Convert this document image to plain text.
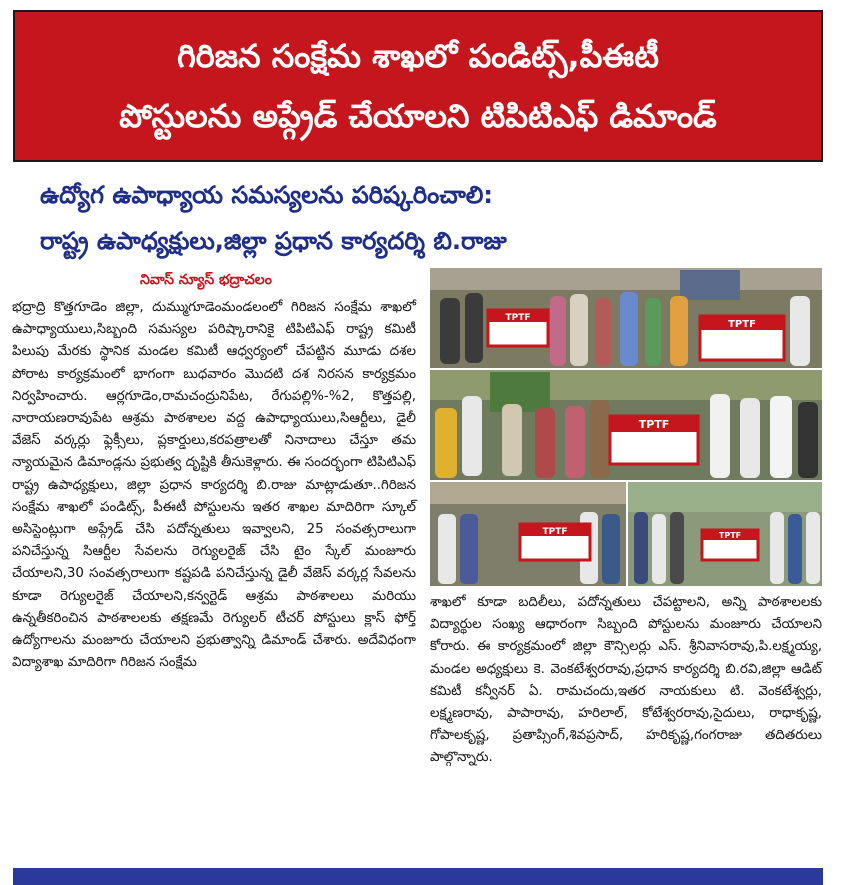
గిరిజన సంక్షేమ శాఖలో పండిట్స్,పీఈటీ
పోస్టులను అప్గ్రేడ్ చేయాలని టిపిటిఎఫ్ డిమాండ్
ఉద్యోగ ఉపాధ్యాయ సమస్యలను పరిష్కరించాలి:
రాష్ట్ర ఉపాధ్యక్షులు,జిల్లా ప్రధాన కార్యదర్శి బి.రాజు
నివాస్ న్యూస్ భద్రాచలం

భద్రాద్రి కొత్తగూడెం జిల్లా, దుమ్ముగూడెంమండలంలో గిరిజన సంక్షేమ శాఖలో ఉపాధ్యాయులు,సిబ్బంది సమస్యల పరిష్కారానికై టిపిటిఎఫ్ రాష్ట్ర కమిటీ పిలుపు మేరకు స్థానిక మండల కమిటీ ఆధ్వర్యంలో చేపట్టిన మూడు దశల పోరాట కార్యక్రమంలో భాగంగా బుధవారం మొదటి దశ నిరసన కార్యక్రమం నిర్వహించారు. ఆర్లగూడెం,రామచంద్రునిపేట, రేగుపల్లి%-%2, కొత్తపల్లి, నారాయణరావుపేట ఆశ్రమ పాఠశాలల వద్ద ఉపాధ్యాయులు,సిఆర్టీలు, డైలీ వేజెస్ వర్కర్లు ఫ్లెక్సీలు, ప్లకార్డులు,కరపత్రాలతో నినాదాలు చేస్తూ తమ న్యాయమైన డిమాండ్లను ప్రభుత్వ దృష్టికి తీసుకెళ్లారు. ఈ సందర్భంగా టిపిటిఎఫ్ రాష్ట్ర ఉపాధ్యక్షులు, జిల్లా ప్రధాన కార్యదర్శి బి.రాజు మాట్లాడుతూ..గిరిజన సంక్షేమ శాఖలో పండిట్స్, పీఈటీ పోస్టులను ఇతర శాఖల మాదిరిగా స్కూల్ అసిస్టెంట్లుగా అప్గ్రేడ్ చేసి పదోన్నతులు ఇవ్వాలని, 25 సంవత్సరాలుగా పనిచేస్తున్న సిఆర్టీల సేవలను రెగ్యులరైజ్ చేసి టైం స్కేల్ మంజూరు చేయాలని,30 సంవత్సరాలుగా కష్టపడి పనిచేస్తున్న డైలీ వేజెస్ వర్కర్ల సేవలను కూడా రెగ్యులరైజ్ చేయాలని,కన్వర్టెడ్ ఆశ్రమ పాఠశాలలు మరియు ఉన్నతీకరించిన పాఠశాలలకు తక్షణమే రెగ్యులర్ టీచర్ పోస్టులు క్లాస్ ఫోర్త్ ఉద్యోగాలను మంజూరు చేయాలని ప్రభుత్వాన్ని డిమాండ్ చేశారు. అదేవిధంగా విద్యాశాఖ మాదిరిగా గిరిజన సంక్షేమ

TPTF
TPTF
TPTF
TPTF	TPTF

శాఖలో కూడా బదిలీలు, పదోన్నతులు చేపట్టాలని, అన్ని పాఠశాలలకు విద్యార్థుల సంఖ్య ఆధారంగా సిబ్బంది పోస్టులను మంజూరు చేయాలని కోరారు. ఈ కార్యక్రమంలో జిల్లా కౌన్సిలర్లు ఎస్. శ్రీనివాసరావు,పి.లక్ష్మయ్య, మండల అధ్యక్షులు కె. వెంకటేశ్వరరావు,ప్రధాన కార్యదర్శి బి.రవి,జిల్లా ఆడిట్ కమిటీ కన్వీనర్ ఏ. రామచందు,ఇతర నాయకులు టి. వెంకటేశ్వర్లు, లక్ష్మణరావు, పాపారావు, హరిలాల్, కోటేశ్వరరావు,సైదులు, రాధాకృష్ణ, గోపాలకృష్ణ, ప్రతాప్సింగ్,శివప్రసాద్, హరికృష్ణ,గంగరాజు తదితరులు పాల్గొన్నారు.
